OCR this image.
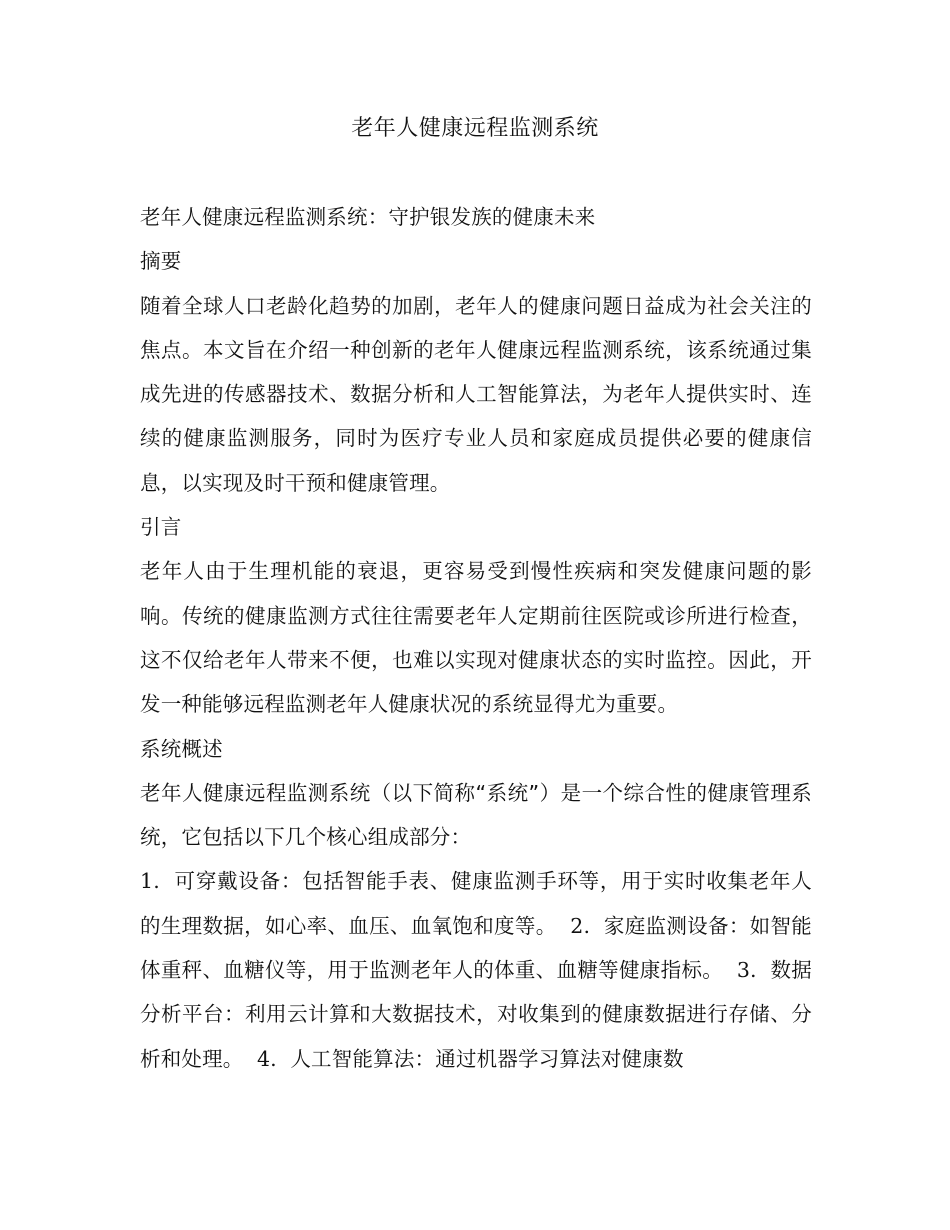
老年人健康远程监测系统

老年人健康远程监测系统：守护银发族的健康未来

摘要

随着全球人口老龄化趋势的加剧，老年人的健康问题日益成为社会关注的焦点。本文旨在介绍一种创新的老年人健康远程监测系统，该系统通过集成先进的传感器技术、数据分析和人工智能算法，为老年人提供实时、连续的健康监测服务，同时为医疗专业人员和家庭成员提供必要的健康信息，以实现及时干预和健康管理。

引言

老年人由于生理机能的衰退，更容易受到慢性疾病和突发健康问题的影响。传统的健康监测方式往往需要老年人定期前往医院或诊所进行检查，这不仅给老年人带来不便，也难以实现对健康状态的实时监控。因此，开发一种能够远程监测老年人健康状况的系统显得尤为重要。

系统概述

老年人健康远程监测系统（以下简称“系统”）是一个综合性的健康管理系统，它包括以下几个核心组成部分：

1. 可穿戴设备：包括智能手表、健康监测手环等，用于实时收集老年人的生理数据，如心率、血压、血氧饱和度等。 2. 家庭监测设备：如智能体重秤、血糖仪等，用于监测老年人的体重、血糖等健康指标。 3. 数据分析平台：利用云计算和大数据技术，对收集到的健康数据进行存储、分析和处理。 4. 人工智能算法：通过机器学习算法对健康数
